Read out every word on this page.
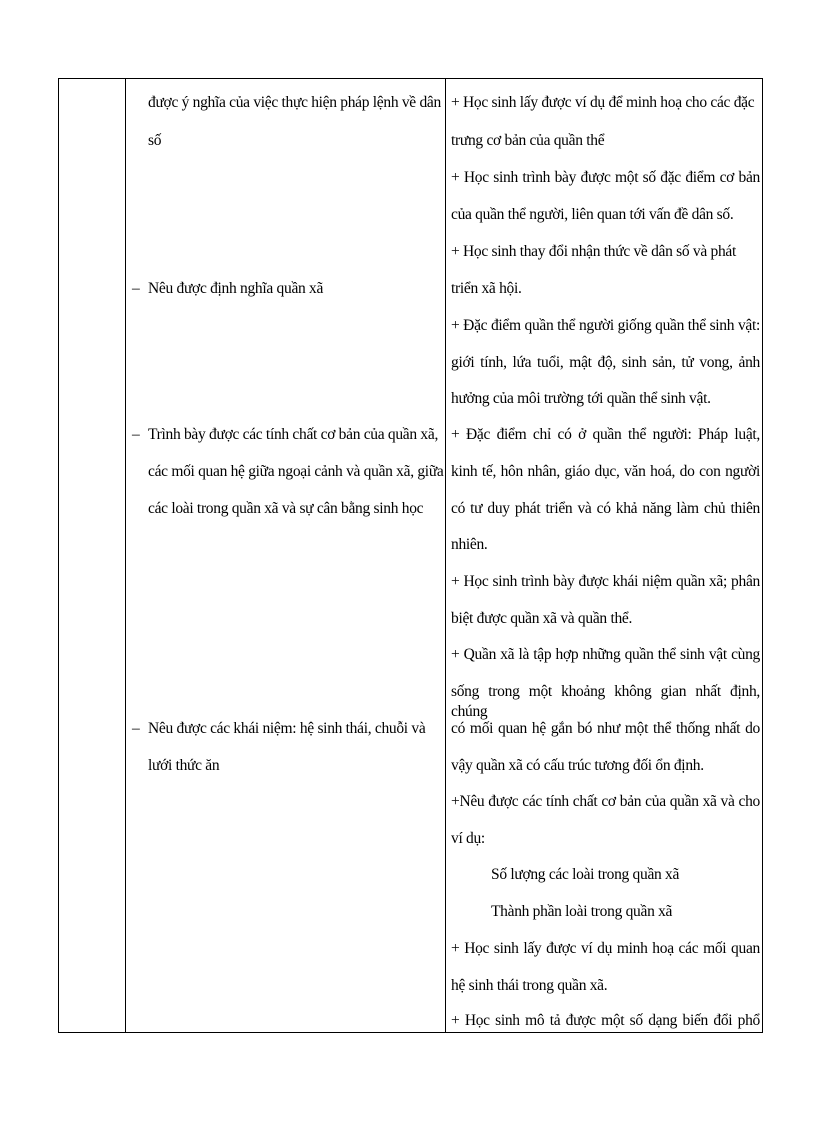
được ý nghĩa của việc thực hiện pháp lệnh về dân
số
– Nêu được định nghĩa quần xã
– Trình bày được các tính chất cơ bản của quần xã,
các mối quan hệ giữa ngoại cảnh và quần xã, giữa
các loài trong quần xã và sự cân bằng sinh học
– Nêu được các khái niệm: hệ sinh thái, chuỗi và
lưới thức ăn
+ Học sinh lấy được ví dụ để minh hoạ cho các đặc
trưng cơ bản của quần thể
+ Học sinh trình bày được một số đặc điểm cơ bản
của quần thể người, liên quan tới vấn đề dân số.
+ Học sinh thay đổi nhận thức về dân số và phát
triển xã hội.
+ Đặc điểm quần thể người giống quần thể sinh vật:
giới tính, lứa tuổi, mật độ, sinh sản, tử vong, ảnh
hưởng của môi trường tới quần thể sinh vật.
+ Đặc điểm chỉ có ở quần thể người: Pháp luật,
kinh tế, hôn nhân, giáo dục, văn hoá, do con người
có tư duy phát triển và có khả năng làm chủ thiên
nhiên.
+ Học sinh trình bày được khái niệm quần xã; phân
biệt được quần xã và quần thể.
+ Quần xã là tập hợp những quần thể sinh vật cùng
sống trong một khoảng không gian nhất định, chúng
có mối quan hệ gắn bó như một thể thống nhất do
vậy quần xã có cấu trúc tương đối ổn định.
+Nêu được các tính chất cơ bản của quần xã và cho
ví dụ:
Số lượng các loài trong quần xã
Thành phần loài trong quần xã
+ Học sinh lấy được ví dụ minh hoạ các mối quan
hệ sinh thái trong quần xã.
+ Học sinh mô tả được một số dạng biến đổi phổ
